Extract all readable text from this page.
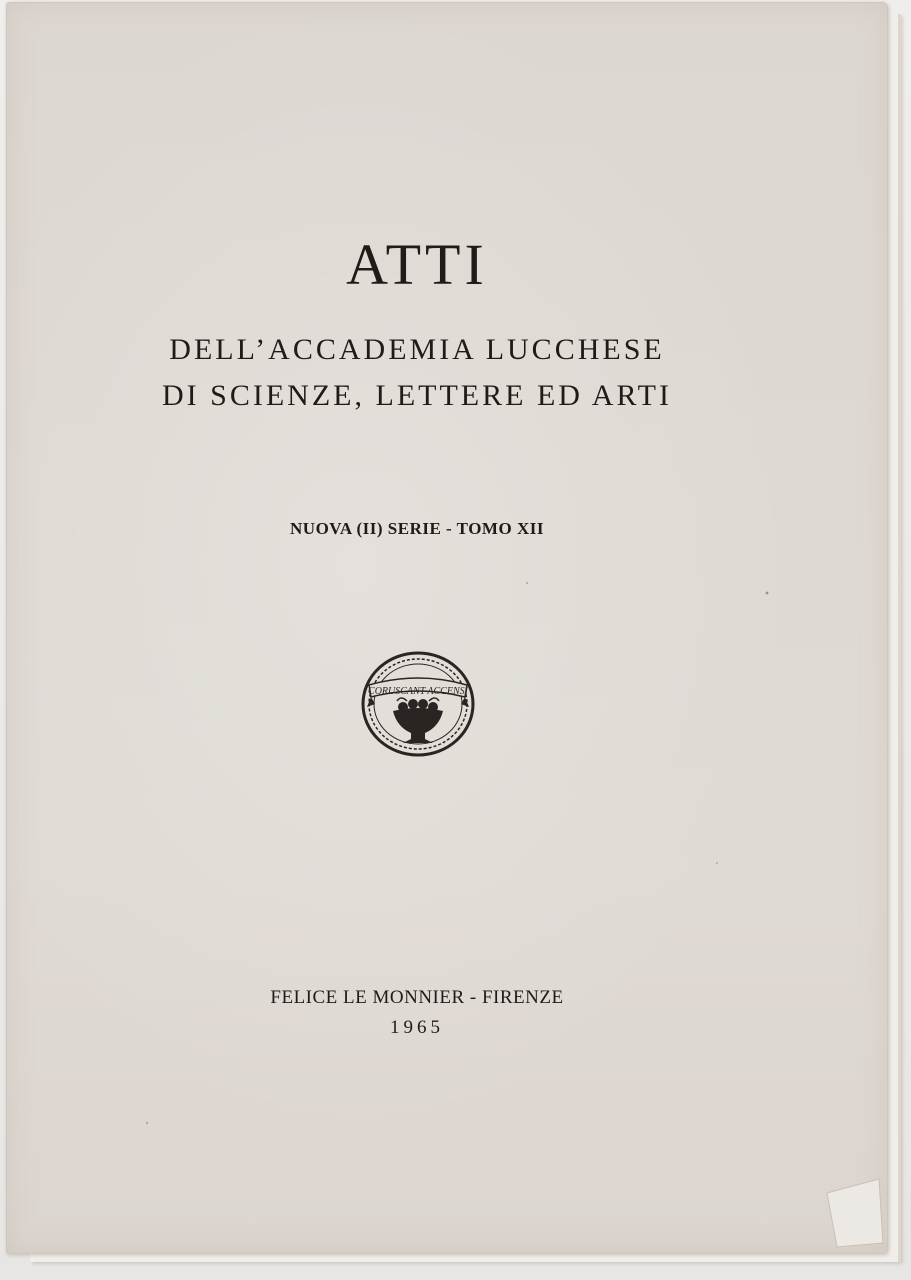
ATTI
DELL’ACCADEMIA LUCCHESE
DI SCIENZE, LETTERE ED ARTI
NUOVA (II) SERIE - TOMO XII
CORUSCANT ACCENSI
FELICE LE MONNIER - FIRENZE
1965
